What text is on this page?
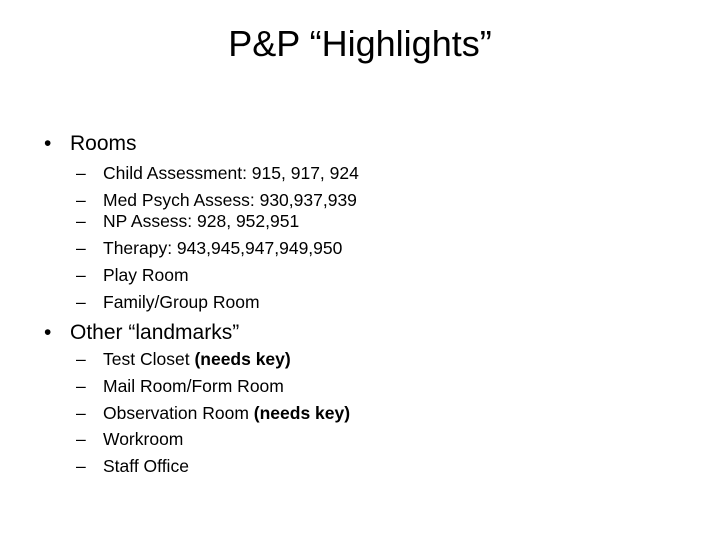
P&P “Highlights”
• Rooms
– Child Assessment: 915, 917, 924
– Med Psych Assess: 930,937,939
– NP Assess: 928, 952,951
– Therapy: 943,945,947,949,950
– Play Room
– Family/Group Room
• Other “landmarks”
– Test Closet (needs key)
– Mail Room/Form Room
– Observation Room (needs key)
– Workroom
– Staff Office
